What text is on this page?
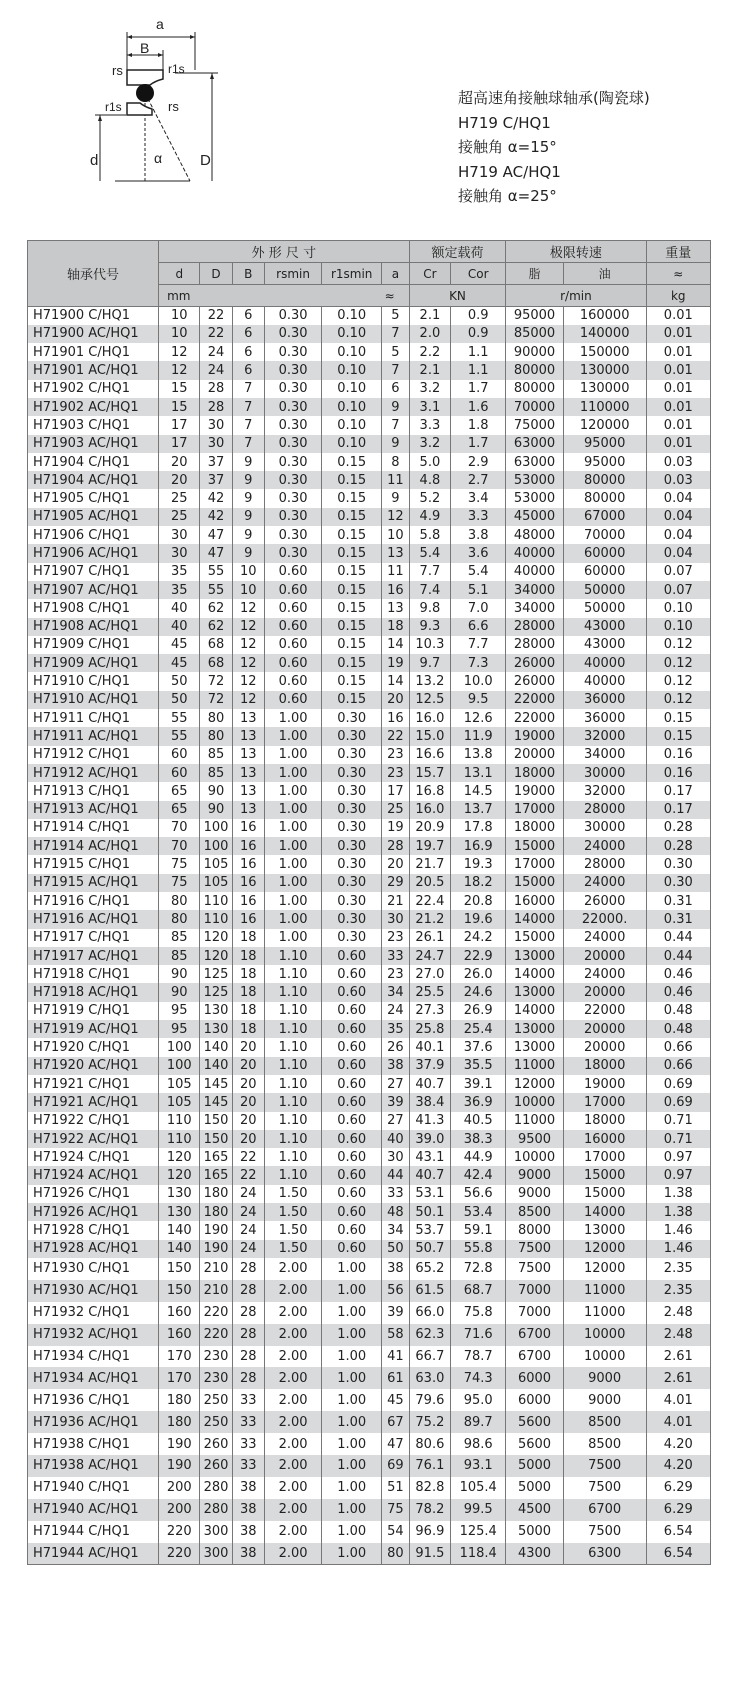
a
B
rs	r1s
r1s	rs
d	D
α
超高速角接触球轴承(陶瓷球)
H719 C/HQ1
接触角 α=15°
H719 AC/HQ1
接触角 α=25°
轴承代号	外 形 尺 寸						额定载荷		极限转速		重量
	d	D	B	rsmin	r1smin	a	Cr	Cor	脂	油	≈
	mm ≈						KN		r/min		kg
H71900 C/HQ1	10	22	6	0.30	0.10	5	2.1	0.9	95000	160000	0.01
H71900 AC/HQ1	10	22	6	0.30	0.10	7	2.0	0.9	85000	140000	0.01
H71901 C/HQ1	12	24	6	0.30	0.10	5	2.2	1.1	90000	150000	0.01
H71901 AC/HQ1	12	24	6	0.30	0.10	7	2.1	1.1	80000	130000	0.01
H71902 C/HQ1	15	28	7	0.30	0.10	6	3.2	1.7	80000	130000	0.01
H71902 AC/HQ1	15	28	7	0.30	0.10	9	3.1	1.6	70000	110000	0.01
H71903 C/HQ1	17	30	7	0.30	0.10	7	3.3	1.8	75000	120000	0.01
H71903 AC/HQ1	17	30	7	0.30	0.10	9	3.2	1.7	63000	95000	0.01
H71904 C/HQ1	20	37	9	0.30	0.15	8	5.0	2.9	63000	95000	0.03
H71904 AC/HQ1	20	37	9	0.30	0.15	11	4.8	2.7	53000	80000	0.03
H71905 C/HQ1	25	42	9	0.30	0.15	9	5.2	3.4	53000	80000	0.04
H71905 AC/HQ1	25	42	9	0.30	0.15	12	4.9	3.3	45000	67000	0.04
H71906 C/HQ1	30	47	9	0.30	0.15	10	5.8	3.8	48000	70000	0.04
H71906 AC/HQ1	30	47	9	0.30	0.15	13	5.4	3.6	40000	60000	0.04
H71907 C/HQ1	35	55	10	0.60	0.15	11	7.7	5.4	40000	60000	0.07
H71907 AC/HQ1	35	55	10	0.60	0.15	16	7.4	5.1	34000	50000	0.07
H71908 C/HQ1	40	62	12	0.60	0.15	13	9.8	7.0	34000	50000	0.10
H71908 AC/HQ1	40	62	12	0.60	0.15	18	9.3	6.6	28000	43000	0.10
H71909 C/HQ1	45	68	12	0.60	0.15	14	10.3	7.7	28000	43000	0.12
H71909 AC/HQ1	45	68	12	0.60	0.15	19	9.7	7.3	26000	40000	0.12
H71910 C/HQ1	50	72	12	0.60	0.15	14	13.2	10.0	26000	40000	0.12
H71910 AC/HQ1	50	72	12	0.60	0.15	20	12.5	9.5	22000	36000	0.12
H71911 C/HQ1	55	80	13	1.00	0.30	16	16.0	12.6	22000	36000	0.15
H71911 AC/HQ1	55	80	13	1.00	0.30	22	15.0	11.9	19000	32000	0.15
H71912 C/HQ1	60	85	13	1.00	0.30	23	16.6	13.8	20000	34000	0.16
H71912 AC/HQ1	60	85	13	1.00	0.30	23	15.7	13.1	18000	30000	0.16
H71913 C/HQ1	65	90	13	1.00	0.30	17	16.8	14.5	19000	32000	0.17
H71913 AC/HQ1	65	90	13	1.00	0.30	25	16.0	13.7	17000	28000	0.17
H71914 C/HQ1	70	100	16	1.00	0.30	19	20.9	17.8	18000	30000	0.28
H71914 AC/HQ1	70	100	16	1.00	0.30	28	19.7	16.9	15000	24000	0.28
H71915 C/HQ1	75	105	16	1.00	0.30	20	21.7	19.3	17000	28000	0.30
H71915 AC/HQ1	75	105	16	1.00	0.30	29	20.5	18.2	15000	24000	0.30
H71916 C/HQ1	80	110	16	1.00	0.30	21	22.4	20.8	16000	26000	0.31
H71916 AC/HQ1	80	110	16	1.00	0.30	30	21.2	19.6	14000	22000.	0.31
H71917 C/HQ1	85	120	18	1.00	0.30	23	26.1	24.2	15000	24000	0.44
H71917 AC/HQ1	85	120	18	1.10	0.60	33	24.7	22.9	13000	20000	0.44
H71918 C/HQ1	90	125	18	1.10	0.60	23	27.0	26.0	14000	24000	0.46
H71918 AC/HQ1	90	125	18	1.10	0.60	34	25.5	24.6	13000	20000	0.46
H71919 C/HQ1	95	130	18	1.10	0.60	24	27.3	26.9	14000	22000	0.48
H71919 AC/HQ1	95	130	18	1.10	0.60	35	25.8	25.4	13000	20000	0.48
H71920 C/HQ1	100	140	20	1.10	0.60	26	40.1	37.6	13000	20000	0.66
H71920 AC/HQ1	100	140	20	1.10	0.60	38	37.9	35.5	11000	18000	0.66
H71921 C/HQ1	105	145	20	1.10	0.60	27	40.7	39.1	12000	19000	0.69
H71921 AC/HQ1	105	145	20	1.10	0.60	39	38.4	36.9	10000	17000	0.69
H71922 C/HQ1	110	150	20	1.10	0.60	27	41.3	40.5	11000	18000	0.71
H71922 AC/HQ1	110	150	20	1.10	0.60	40	39.0	38.3	9500	16000	0.71
H71924 C/HQ1	120	165	22	1.10	0.60	30	43.1	44.9	10000	17000	0.97
H71924 AC/HQ1	120	165	22	1.10	0.60	44	40.7	42.4	9000	15000	0.97
H71926 C/HQ1	130	180	24	1.50	0.60	33	53.1	56.6	9000	15000	1.38
H71926 AC/HQ1	130	180	24	1.50	0.60	48	50.1	53.4	8500	14000	1.38
H71928 C/HQ1	140	190	24	1.50	0.60	34	53.7	59.1	8000	13000	1.46
H71928 AC/HQ1	140	190	24	1.50	0.60	50	50.7	55.8	7500	12000	1.46
H71930 C/HQ1	150	210	28	2.00	1.00	38	65.2	72.8	7500	12000	2.35
H71930 AC/HQ1	150	210	28	2.00	1.00	56	61.5	68.7	7000	11000	2.35
H71932 C/HQ1	160	220	28	2.00	1.00	39	66.0	75.8	7000	11000	2.48
H71932 AC/HQ1	160	220	28	2.00	1.00	58	62.3	71.6	6700	10000	2.48
H71934 C/HQ1	170	230	28	2.00	1.00	41	66.7	78.7	6700	10000	2.61
H71934 AC/HQ1	170	230	28	2.00	1.00	61	63.0	74.3	6000	9000	2.61
H71936 C/HQ1	180	250	33	2.00	1.00	45	79.6	95.0	6000	9000	4.01
H71936 AC/HQ1	180	250	33	2.00	1.00	67	75.2	89.7	5600	8500	4.01
H71938 C/HQ1	190	260	33	2.00	1.00	47	80.6	98.6	5600	8500	4.20
H71938 AC/HQ1	190	260	33	2.00	1.00	69	76.1	93.1	5000	7500	4.20
H71940 C/HQ1	200	280	38	2.00	1.00	51	82.8	105.4	5000	7500	6.29
H71940 AC/HQ1	200	280	38	2.00	1.00	75	78.2	99.5	4500	6700	6.29
H71944 C/HQ1	220	300	38	2.00	1.00	54	96.9	125.4	5000	7500	6.54
H71944 AC/HQ1	220	300	38	2.00	1.00	80	91.5	118.4	4300	6300	6.54
